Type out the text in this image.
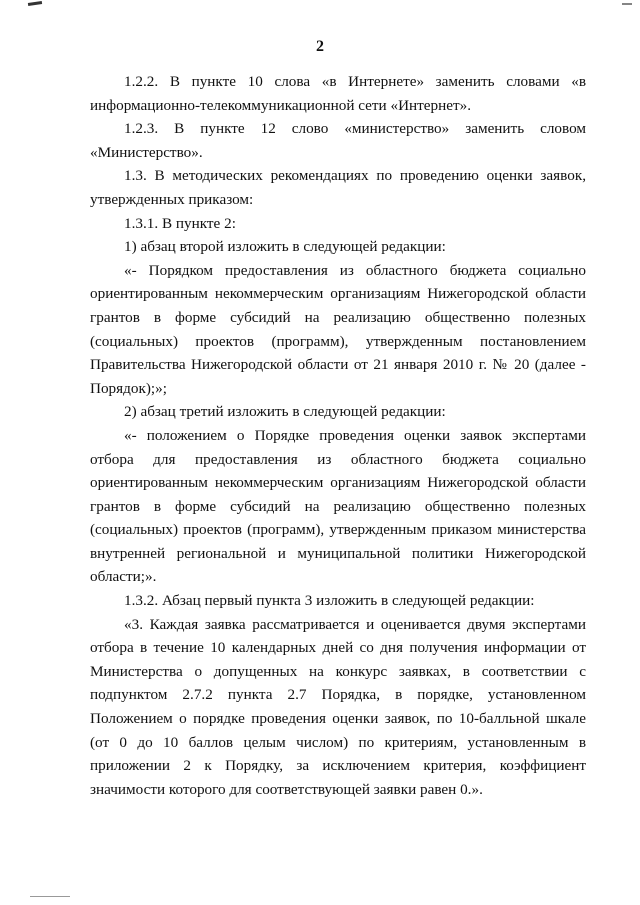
2

1.2.2. В пункте 10 слова «в Интернете» заменить словами «в информационно-телекоммуникационной сети «Интернет».

1.2.3. В пункте 12 слово «министерство» заменить словом «Министерство».

1.3. В методических рекомендациях по проведению оценки заявок, утвержденных приказом:

1.3.1. В пункте 2:

1) абзац второй изложить в следующей редакции:

«- Порядком предоставления из областного бюджета социально ориентированным некоммерческим организациям Нижегородской области грантов в форме субсидий на реализацию общественно полезных (социальных) проектов (программ), утвержденным постановлением Правительства Нижегородской области от 21 января 2010 г. № 20 (далее - Порядок);»;

2) абзац третий изложить в следующей редакции:

«- положением о Порядке проведения оценки заявок экспертами отбора для предоставления из областного бюджета социально ориентированным некоммерческим организациям Нижегородской области грантов в форме субсидий на реализацию общественно полезных (социальных) проектов (программ), утвержденным приказом министерства внутренней региональной и муниципальной политики Нижегородской области;».

1.3.2. Абзац первый пункта 3 изложить в следующей редакции:

«3. Каждая заявка рассматривается и оценивается двумя экспертами отбора в течение 10 календарных дней со дня получения информации от Министерства о допущенных на конкурс заявках, в соответствии с подпунктом 2.7.2 пункта 2.7 Порядка, в порядке, установленном Положением о порядке проведения оценки заявок, по 10-балльной шкале (от 0 до 10 баллов целым числом) по критериям, установленным в приложении 2 к Порядку, за исключением критерия, коэффициент значимости которого для соответствующей заявки равен 0.».
